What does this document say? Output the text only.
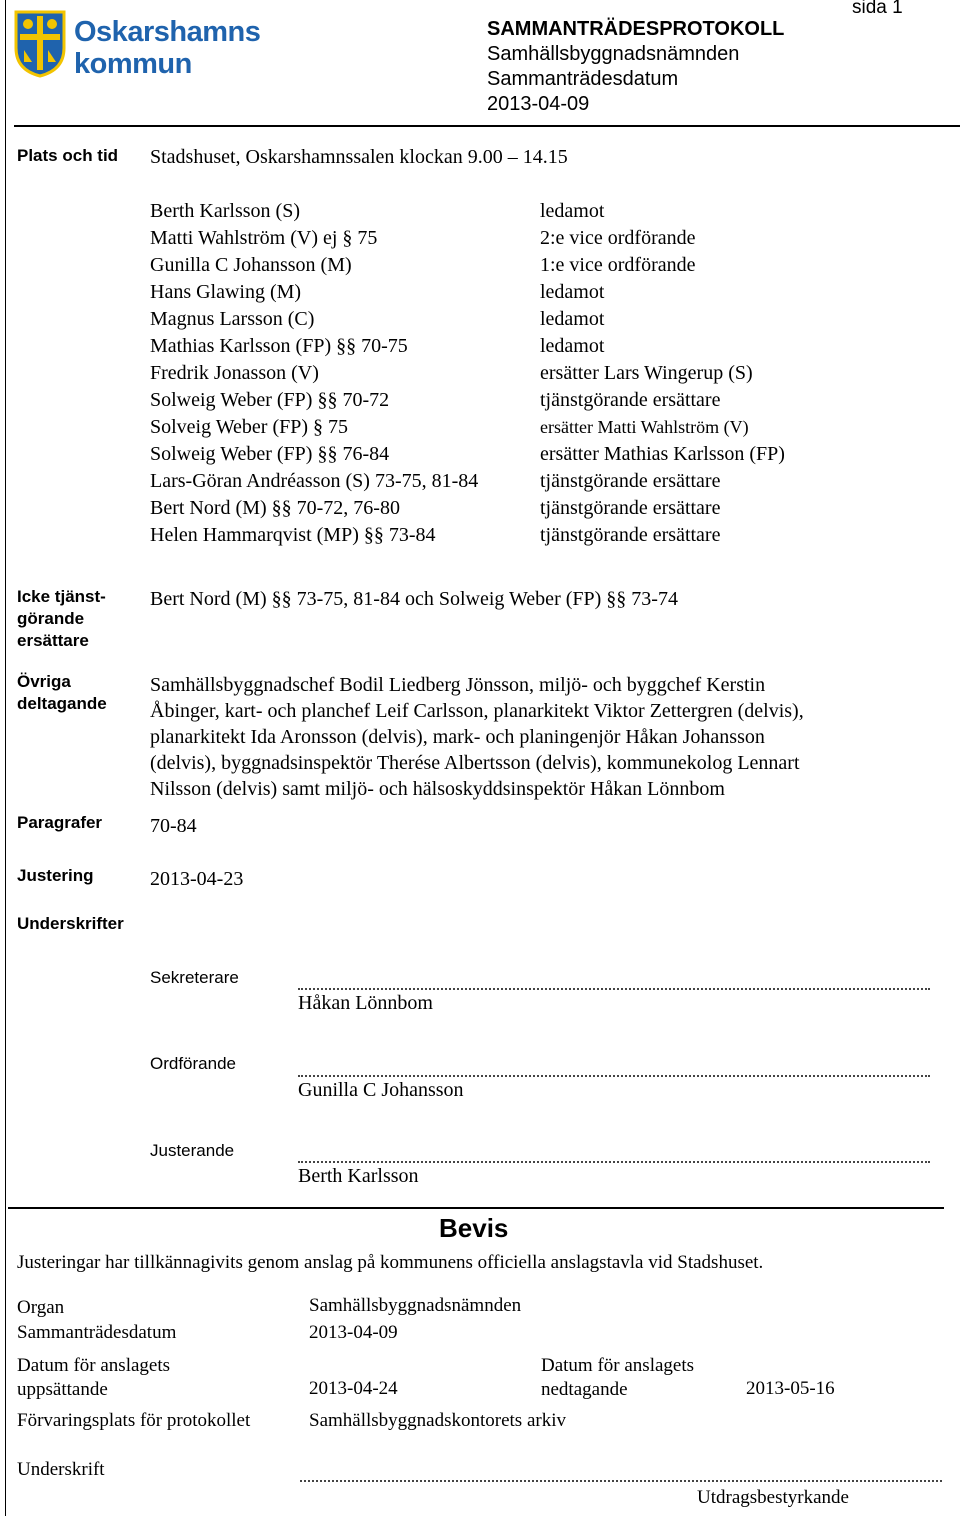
Oskarshamns
kommun
SAMMANTRÄDESPROTOKOLL
Samhällsbyggnadsnämnden
Sammanträdesdatum
2013-04-09
sida 1
Plats och tid Stadshuset, Oskarshamnssalen klockan 9.00 – 14.15
Berth Karlsson (S)	ledamot
Matti Wahlström (V) ej § 75	2:e vice ordförande
Gunilla C Johansson (M)	1:e vice ordförande
Hans Glawing (M)	ledamot
Magnus Larsson (C)	ledamot
Mathias Karlsson (FP) §§ 70-75	ledamot
Fredrik Jonasson (V)	ersätter Lars Wingerup (S)
Solweig Weber (FP) §§ 70-72	tjänstgörande ersättare
Solveig Weber (FP) § 75	ersätter Matti Wahlström (V)
Solweig Weber (FP) §§ 76-84	ersätter Mathias Karlsson (FP)
Lars-Göran Andréasson (S) 73-75, 81-84	tjänstgörande ersättare
Bert Nord (M) §§ 70-72, 76-80	tjänstgörande ersättare
Helen Hammarqvist (MP) §§ 73-84	tjänstgörande ersättare
Icke tjänst-
görande
ersättare
Bert Nord (M) §§ 73-75, 81-84 och Solweig Weber (FP) §§ 73-74
Övriga
deltagande
Samhällsbyggnadschef Bodil Liedberg Jönsson, miljö- och byggchef Kerstin
Åbinger, kart- och planchef Leif Carlsson, planarkitekt Viktor Zettergren (delvis),
planarkitekt Ida Aronsson (delvis), mark- och planingenjör Håkan Johansson
(delvis), byggnadsinspektör Therése Albertsson (delvis), kommunekolog Lennart
Nilsson (delvis) samt miljö- och hälsoskyddsinspektör Håkan Lönnbom
Paragrafer 70-84
Justering	2013-04-23
Underskrifter
Sekreterare
Håkan Lönnbom
Ordförande
Gunilla C Johansson
Justerande
Berth Karlsson
Bevis
Justeringar har tillkännagivits genom anslag på kommunens officiella anslagstavla vid Stadshuset.
Organ	Samhällsbyggnadsnämnden
Sammanträdesdatum	2013-04-09
Datum för anslagets
uppsättande	2013-04-24
Datum för anslagets
nedtagande	2013-05-16
Förvaringsplats för protokollet	Samhällsbyggnadskontorets arkiv
Underskrift
Utdragsbestyrkande
